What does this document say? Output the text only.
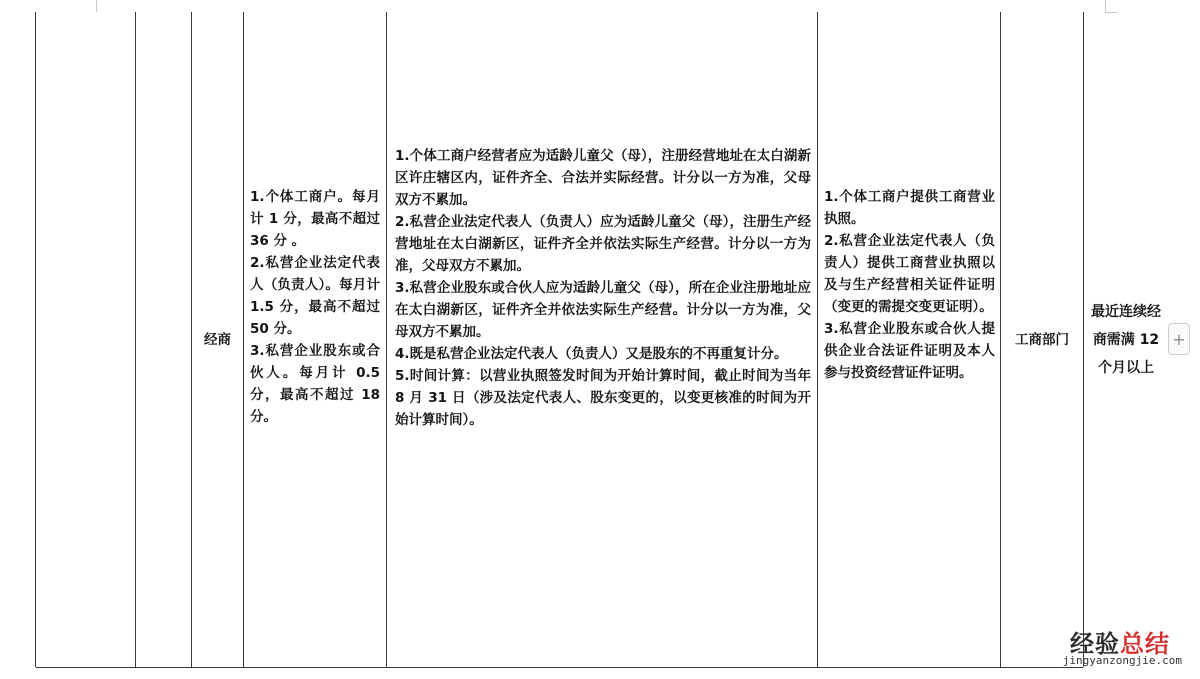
经商

1.个体工商户。每月计 1 分，最高不超过 36 分 。

2.私营企业法定代表人（负责人）。每月计 1.5 分，最高不超过 50 分。

3.私营企业股东或合伙人。每月计 0.5 分，最高不超过 18 分。

1.个体工商户经营者应为适龄儿童父（母），注册经营地址在太白湖新区许庄辖区内，证件齐全、合法并实际经营。计分以一方为准，父母双方不累加。

2.私营企业法定代表人（负责人）应为适龄儿童父（母），注册生产经营地址在太白湖新区，证件齐全并依法实际生产经营。计分以一方为准，父母双方不累加。

3.私营企业股东或合伙人应为适龄儿童父（母），所在企业注册地址应在太白湖新区，证件齐全并依法实际生产经营。计分以一方为准，父母双方不累加。

4.既是私营企业法定代表人（负责人）又是股东的不再重复计分。

5.时间计算：以营业执照签发时间为开始计算时间，截止时间为当年 8 月 31 日（涉及法定代表人、股东变更的，以变更核准的时间为开始计算时间）。

1.个体工商户提供工商营业执照。

2.私营企业法定代表人（负责人）提供工商营业执照以及与生产经营相关证件证明（变更的需提交变更证明）。

3.私营企业股东或合伙人提供企业合法证件证明及本人参与投资经营证件证明。

工商部门
最近连续经商需满 12 个月以上
+
经验总结
jingyanzongjie.com
